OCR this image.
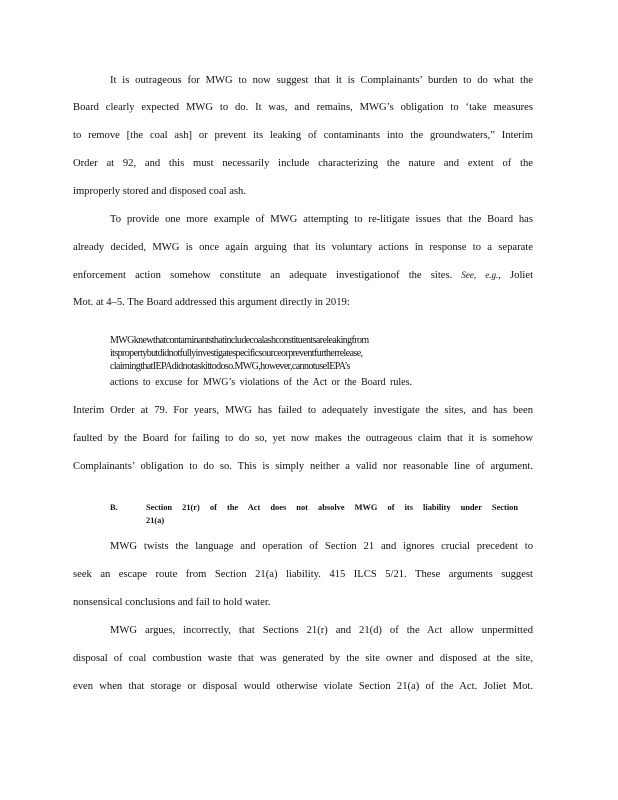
It is outrageous for MWG to now suggest that it is Complainants’ burden to do what the
Board clearly expected MWG to do. It was, and remains, MWG’s obligation to ‘take measures
to remove [the coal ash] or prevent its leaking of contaminants into the groundwaters,” Interim
Order at 92, and this must necessarily include characterizing the nature and extent of the
improperly stored and disposed coal ash.
To provide one more example of MWG attempting to re-litigate issues that the Board has
already decided, MWG is once again arguing that its voluntary actions in response to a separate
enforcement action somehow constitute an adequate investigationof the sites. See, e.g., Joliet
Mot. at 4–5. The Board addressed this argument directly in 2019:
MWGknewthatcontaminantsthatincludecoalashconstituentsareleakingfrom
itspropertybutdidnotfullyinvestigatespecificsourceorpreventfurtherrelease,
claimingthatIEPAdidnotaskittodoso.MWG,however,cannotuseIEPA’s
actions to excuse for MWG’s violations of the Act or the Board rules.
Interim Order at 79. For years, MWG has failed to adequately investigate the sites, and has been
faulted by the Board for failing to do so, yet now makes the outrageous claim that it is somehow
Complainants’ obligation to do so. This is simply neither a valid nor reasonable line of argument.
B.	Section 21(r) of the Act does not absolve MWG of its liability under Section
21(a)
MWG twists the language and operation of Section 21 and ignores crucial precedent to
seek an escape route from Section 21(a) liability. 415 ILCS 5/21. These arguments suggest
nonsensical conclusions and fail to hold water.
MWG argues, incorrectly, that Sections 21(r) and 21(d) of the Act allow unpermitted
disposal of coal combustion waste that was generated by the site owner and disposed at the site,
even when that storage or disposal would otherwise violate Section 21(a) of the Act. Joliet Mot.
